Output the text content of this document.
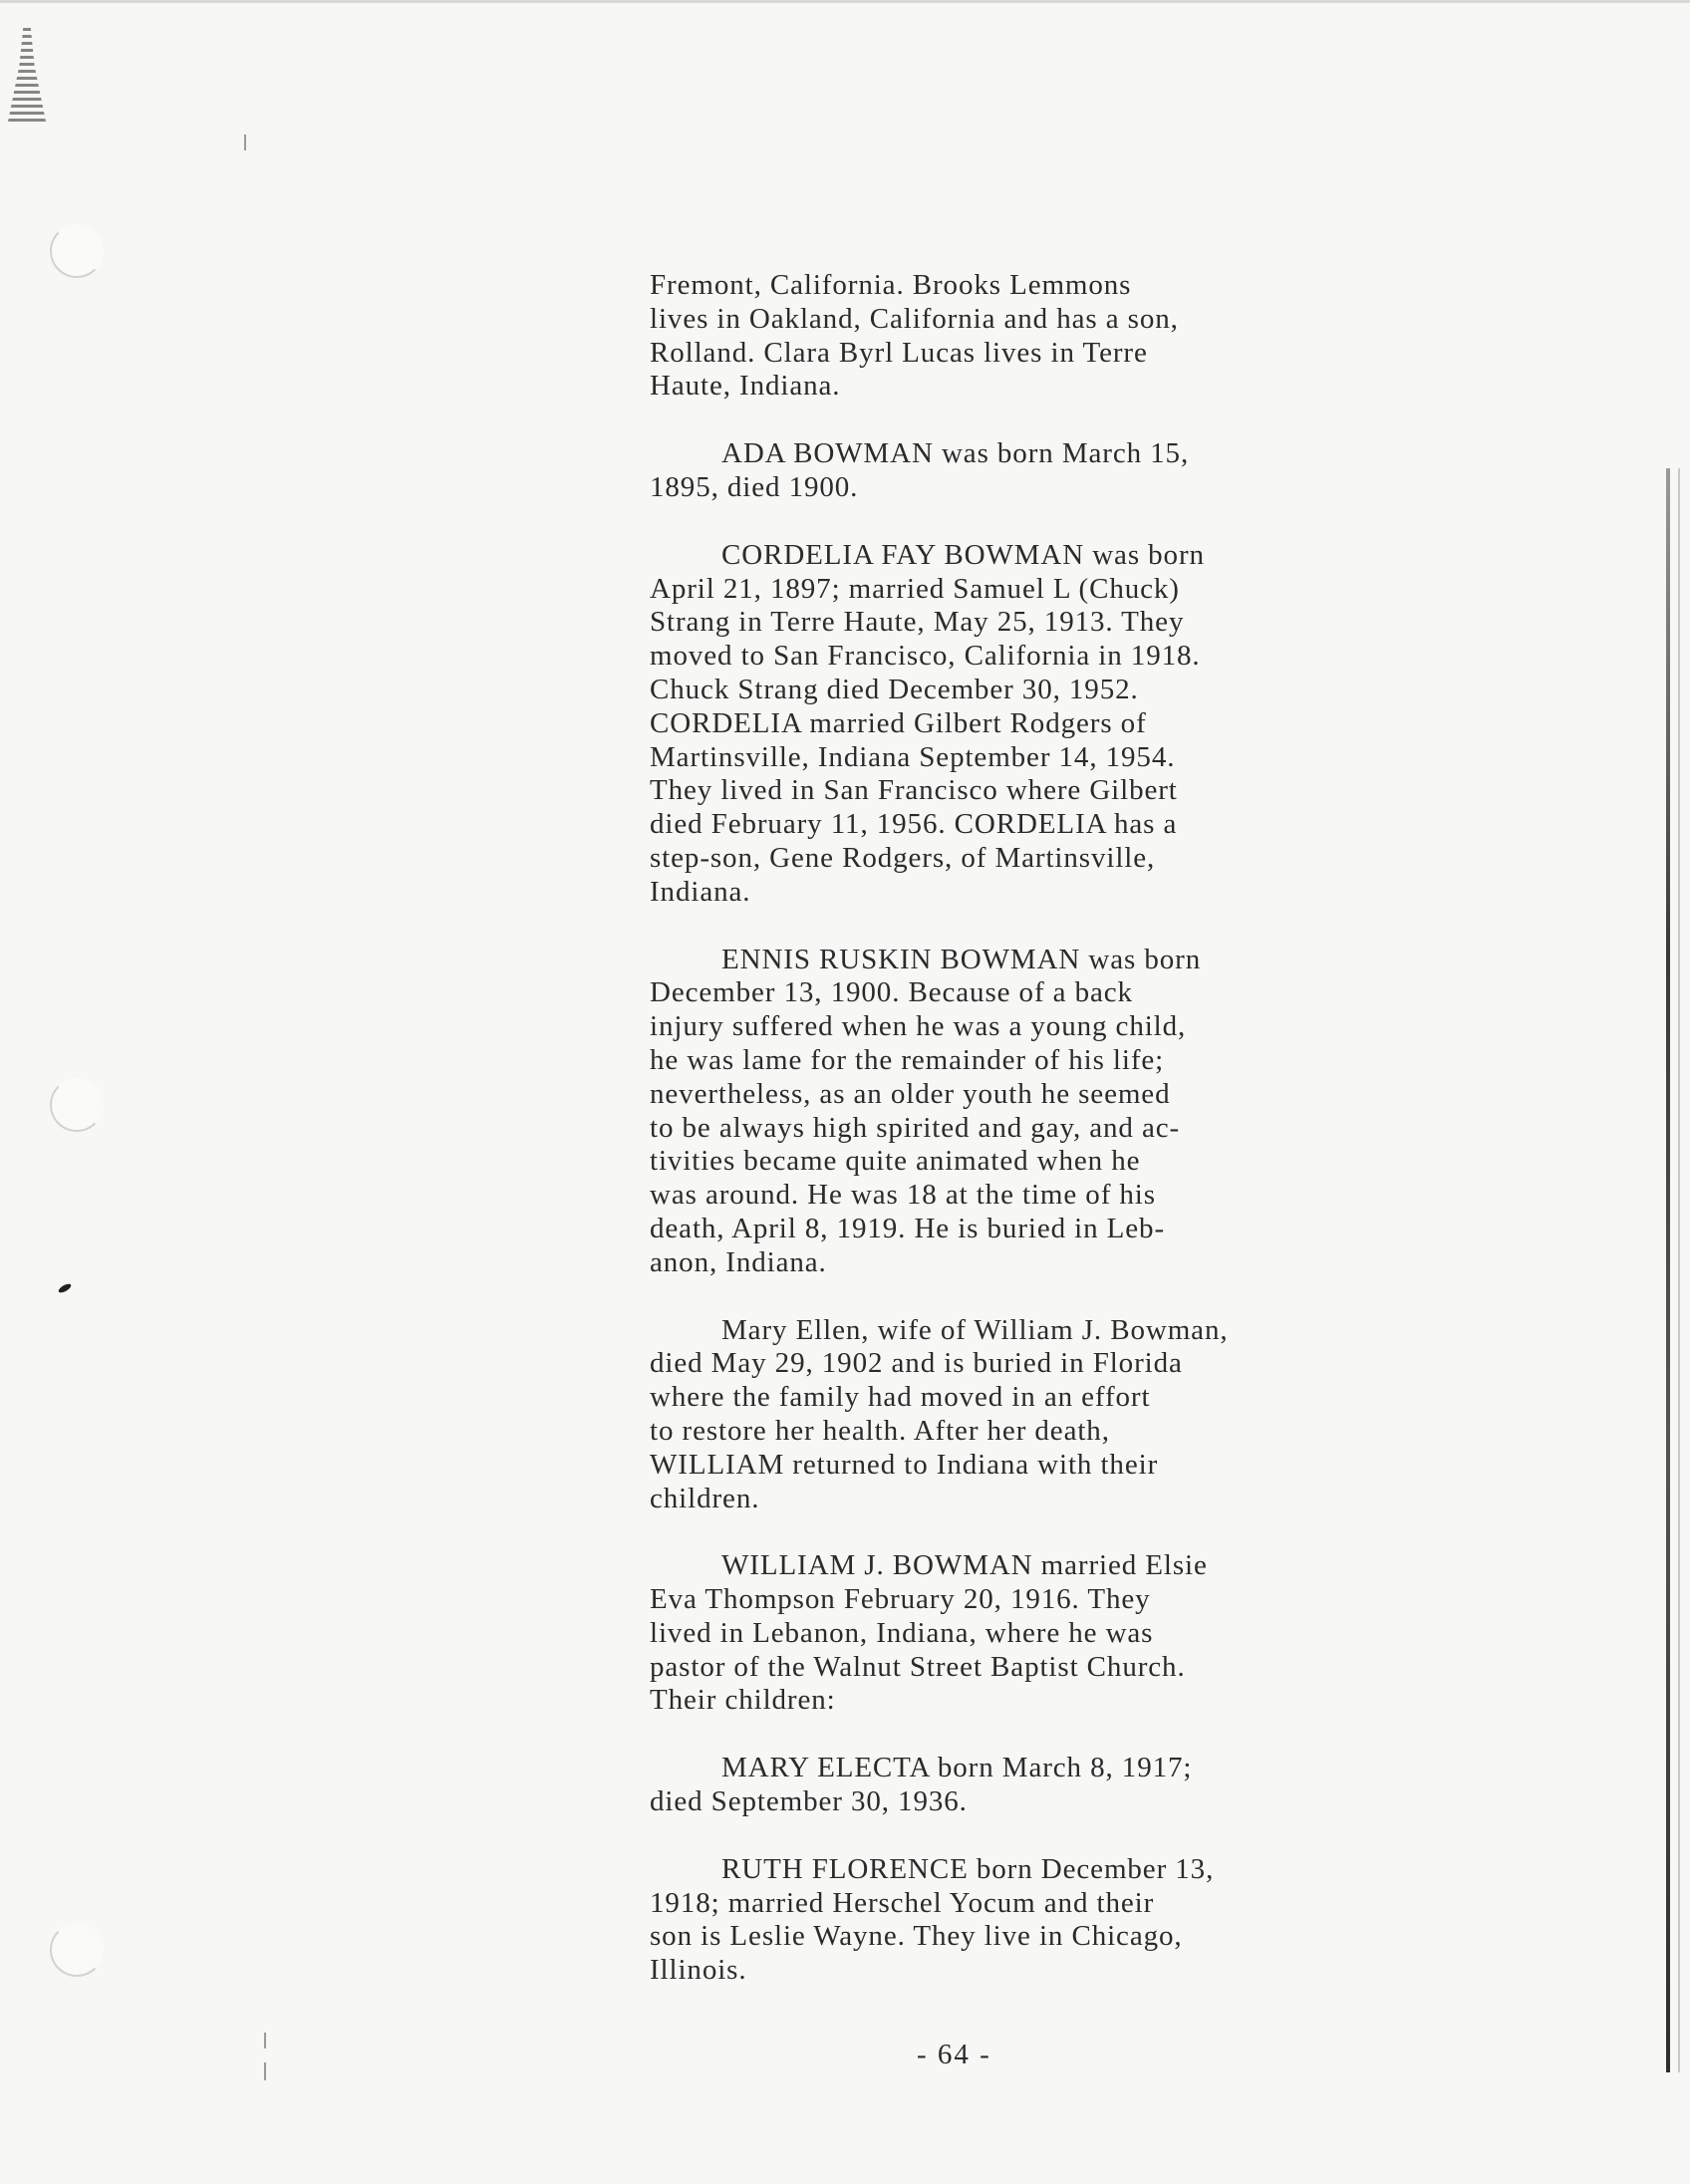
Fremont, California. Brooks Lemmons
lives in Oakland, California and has a son,
Rolland. Clara Byrl Lucas lives in Terre
Haute, Indiana.

ADA BOWMAN was born March 15,
1895, died 1900.

CORDELIA FAY BOWMAN was born
April 21, 1897; married Samuel L (Chuck)
Strang in Terre Haute, May 25, 1913. They
moved to San Francisco, California in 1918.
Chuck Strang died December 30, 1952.
CORDELIA married Gilbert Rodgers of
Martinsville, Indiana September 14, 1954.
They lived in San Francisco where Gilbert
died February 11, 1956. CORDELIA has a
step-son, Gene Rodgers, of Martinsville,
Indiana.

ENNIS RUSKIN BOWMAN was born
December 13, 1900. Because of a back
injury suffered when he was a young child,
he was lame for the remainder of his life;
nevertheless, as an older youth he seemed
to be always high spirited and gay, and ac-
tivities became quite animated when he
was around. He was 18 at the time of his
death, April 8, 1919. He is buried in Leb-
anon, Indiana.

Mary Ellen, wife of William J. Bowman,
died May 29, 1902 and is buried in Florida
where the family had moved in an effort
to restore her health. After her death,
WILLIAM returned to Indiana with their
children.

WILLIAM J. BOWMAN married Elsie
Eva Thompson February 20, 1916. They
lived in Lebanon, Indiana, where he was
pastor of the Walnut Street Baptist Church.
Their children:

MARY ELECTA born March 8, 1917;
died September 30, 1936.

RUTH FLORENCE born December 13,
1918; married Herschel Yocum and their
son is Leslie Wayne. They live in Chicago,
Illinois.

- 64 -
